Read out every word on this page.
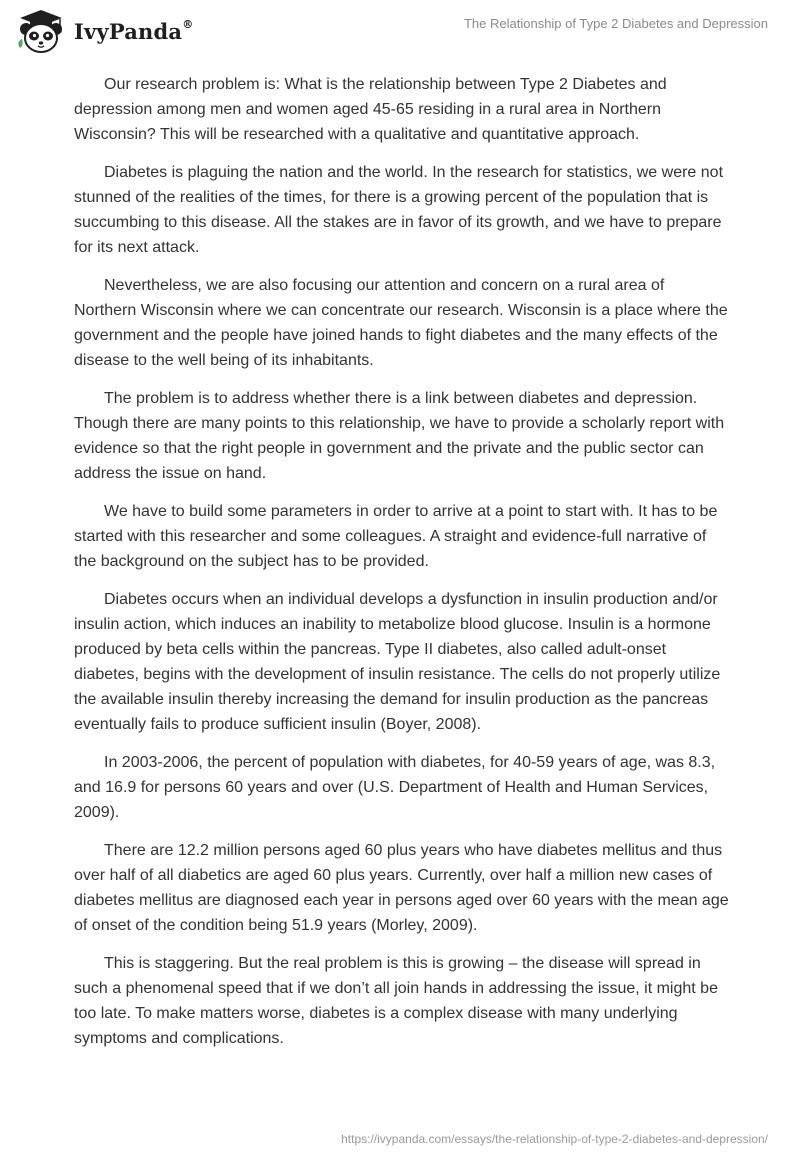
IvyPanda®	The Relationship of Type 2 Diabetes and Depression

Our research problem is: What is the relationship between Type 2 Diabetes and depression among men and women aged 45-65 residing in a rural area in Northern Wisconsin? This will be researched with a qualitative and quantitative approach.

Diabetes is plaguing the nation and the world. In the research for statistics, we were not stunned of the realities of the times, for there is a growing percent of the population that is succumbing to this disease. All the stakes are in favor of its growth, and we have to prepare for its next attack.

Nevertheless, we are also focusing our attention and concern on a rural area of Northern Wisconsin where we can concentrate our research. Wisconsin is a place where the government and the people have joined hands to fight diabetes and the many effects of the disease to the well being of its inhabitants.

The problem is to address whether there is a link between diabetes and depression. Though there are many points to this relationship, we have to provide a scholarly report with evidence so that the right people in government and the private and the public sector can address the issue on hand.

We have to build some parameters in order to arrive at a point to start with. It has to be started with this researcher and some colleagues. A straight and evidence-full narrative of the background on the subject has to be provided.

Diabetes occurs when an individual develops a dysfunction in insulin production and/or insulin action, which induces an inability to metabolize blood glucose. Insulin is a hormone produced by beta cells within the pancreas. Type II diabetes, also called adult-onset diabetes, begins with the development of insulin resistance. The cells do not properly utilize the available insulin thereby increasing the demand for insulin production as the pancreas eventually fails to produce sufficient insulin (Boyer, 2008).

In 2003-2006, the percent of population with diabetes, for 40-59 years of age, was 8.3, and 16.9 for persons 60 years and over (U.S. Department of Health and Human Services, 2009).

There are 12.2 million persons aged 60 plus years who have diabetes mellitus and thus over half of all diabetics are aged 60 plus years. Currently, over half a million new cases of diabetes mellitus are diagnosed each year in persons aged over 60 years with the mean age of onset of the condition being 51.9 years (Morley, 2009).

This is staggering. But the real problem is this is growing – the disease will spread in such a phenomenal speed that if we don’t all join hands in addressing the issue, it might be too late. To make matters worse, diabetes is a complex disease with many underlying symptoms and complications.

https://ivypanda.com/essays/the-relationship-of-type-2-diabetes-and-depression/
